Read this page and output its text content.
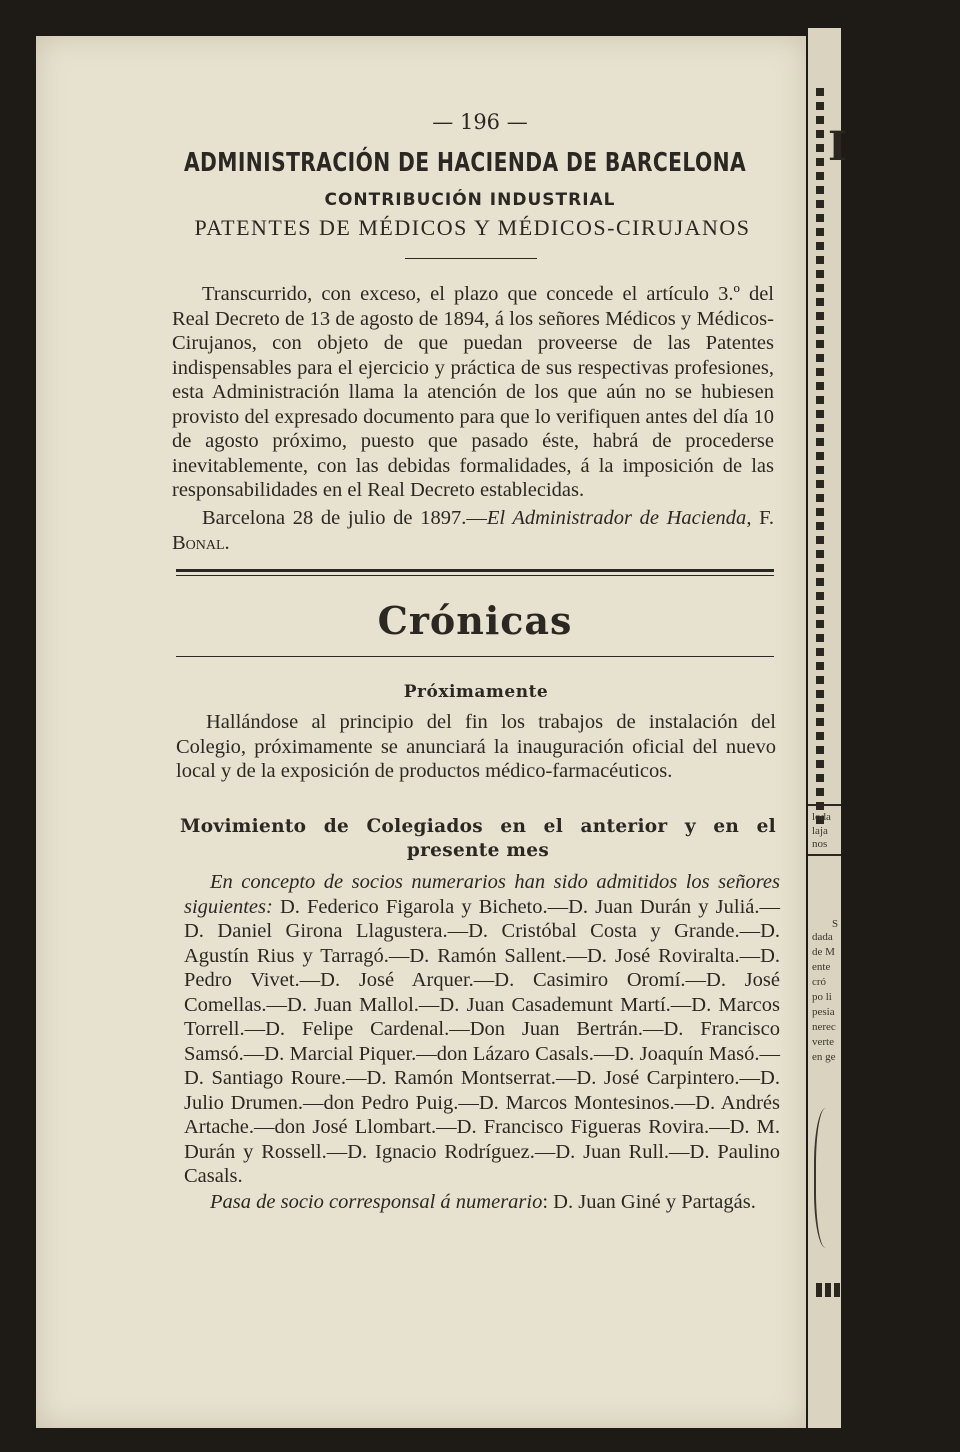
I
loda
laja
nos
S
dada
de M
ente
cró
po li
pesia
nerec
verte
en ge

— 196 —

ADMINISTRACIÓN DE HACIENDA DE BARCELONA

CONTRIBUCIÓN INDUSTRIAL

PATENTES DE MÉDICOS Y MÉDICOS-CIRUJANOS

Transcurrido, con exceso, el plazo que concede el artículo 3.º del Real Decreto de 13 de agosto de 1894, á los señores Médicos y Médicos-Cirujanos, con objeto de que puedan proveerse de las Patentes indispensables para el ejercicio y práctica de sus respectivas profesiones, esta Administración llama la atención de los que aún no se hubiesen provisto del expresado documento para que lo verifiquen antes del día 10 de agosto próximo, puesto que pasado éste, habrá de procederse inevitablemente, con las debidas formalidades, á la imposición de las responsabilidades en el Real Decreto establecidas.

Barcelona 28 de julio de 1897.—El Administrador de Hacienda, F. Bonal.

Crónicas

Próximamente

Hallándose al principio del fin los trabajos de instalación del Colegio, próximamente se anunciará la inauguración oficial del nuevo local y de la exposición de productos médico-farmacéuticos.

Movimiento de Colegiados en el anterior y en el
presente mes

En concepto de socios numerarios han sido admitidos los señores siguientes: D. Federico Figarola y Bicheto.—D. Juan Durán y Juliá.—D. Daniel Girona Llagustera.—D. Cristóbal Costa y Grande.—D. Agustín Rius y Tarragó.—D. Ramón Sallent.—D. José Roviralta.—D. Pedro Vivet.—D. José Arquer.—D. Casimiro Oromí.—D. José Comellas.—D. Juan Mallol.—D. Juan Casademunt Martí.—D. Marcos Torrell.—D. Felipe Cardenal.—Don Juan Bertrán.—D. Francisco Samsó.—D. Marcial Piquer.—don Lázaro Casals.—D. Joaquín Masó.—D. Santiago Roure.—D. Ramón Montserrat.—D. José Carpintero.—D. Julio Drumen.—don Pedro Puig.—D. Marcos Montesinos.—D. Andrés Artache.—don José Llombart.—D. Francisco Figueras Rovira.—D. M. Durán y Rossell.—D. Ignacio Rodríguez.—D. Juan Rull.—D. Paulino Casals.

Pasa de socio corresponsal á numerario: D. Juan Giné y Partagás.
